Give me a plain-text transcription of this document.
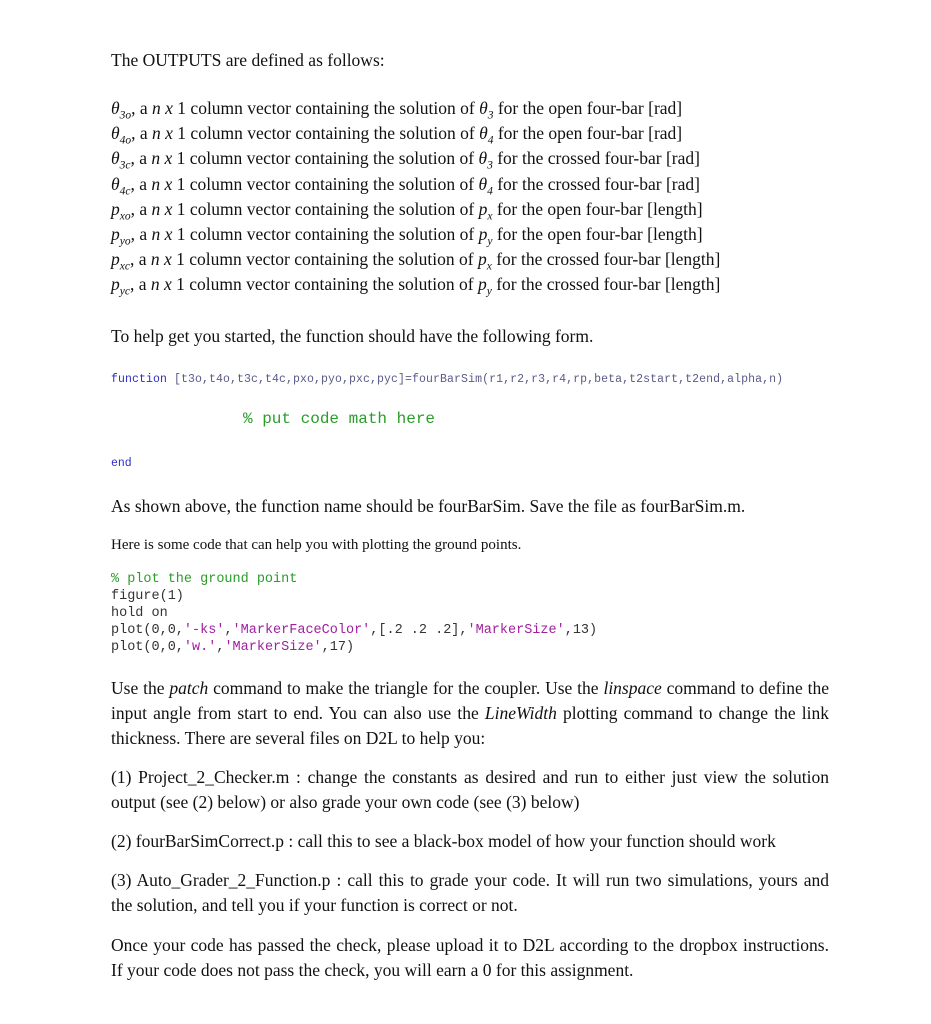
The OUTPUTS are defined as follows:
$\theta_{3o}$, a n x 1 column vector containing the solution of $\theta_3$ for the open four-bar [rad]
$\theta_{4o}$, a n x 1 column vector containing the solution of $\theta_4$ for the open four-bar [rad]
$\theta_{3c}$, a n x 1 column vector containing the solution of $\theta_3$ for the crossed four-bar [rad]
$\theta_{4c}$, a n x 1 column vector containing the solution of $\theta_4$ for the crossed four-bar [rad]
$p_{xo}$, a n x 1 column vector containing the solution of $p_x$ for the open four-bar [length]
$p_{yo}$, a n x 1 column vector containing the solution of $p_y$ for the open four-bar [length]
$p_{xc}$, a n x 1 column vector containing the solution of $p_x$ for the crossed four-bar [length]
$p_{yc}$, a n x 1 column vector containing the solution of $p_y$ for the crossed four-bar [length]
To help get you started, the function should have the following form.
function [t3o,t4o,t3c,t4c,pxo,pyo,pxc,pyc]=fourBarSim(r1,r2,r3,r4,rp,beta,t2start,t2end,alpha,n)
% put code math here
end
As shown above, the function name should be fourBarSim. Save the file as fourBarSim.m.
Here is some code that can help you with plotting the ground points.
% plot the ground point
figure(1)
hold on
plot(0,0,'-ks','MarkerFaceColor',[.2 .2 .2],'MarkerSize',13)
plot(0,0,'w.','MarkerSize',17)
Use the patch command to make the triangle for the coupler. Use the linspace command to define the input angle from start to end. You can also use the LineWidth plotting command to change the link thickness. There are several files on D2L to help you:
(1) Project_2_Checker.m : change the constants as desired and run to either just view the solution output (see (2) below) or also grade your own code (see (3) below)
(2) fourBarSimCorrect.p : call this to see a black-box model of how your function should work
(3) Auto_Grader_2_Function.p : call this to grade your code. It will run two simulations, yours and the solution, and tell you if your function is correct or not.
Once your code has passed the check, please upload it to D2L according to the dropbox instructions. If your code does not pass the check, you will earn a 0 for this assignment.
